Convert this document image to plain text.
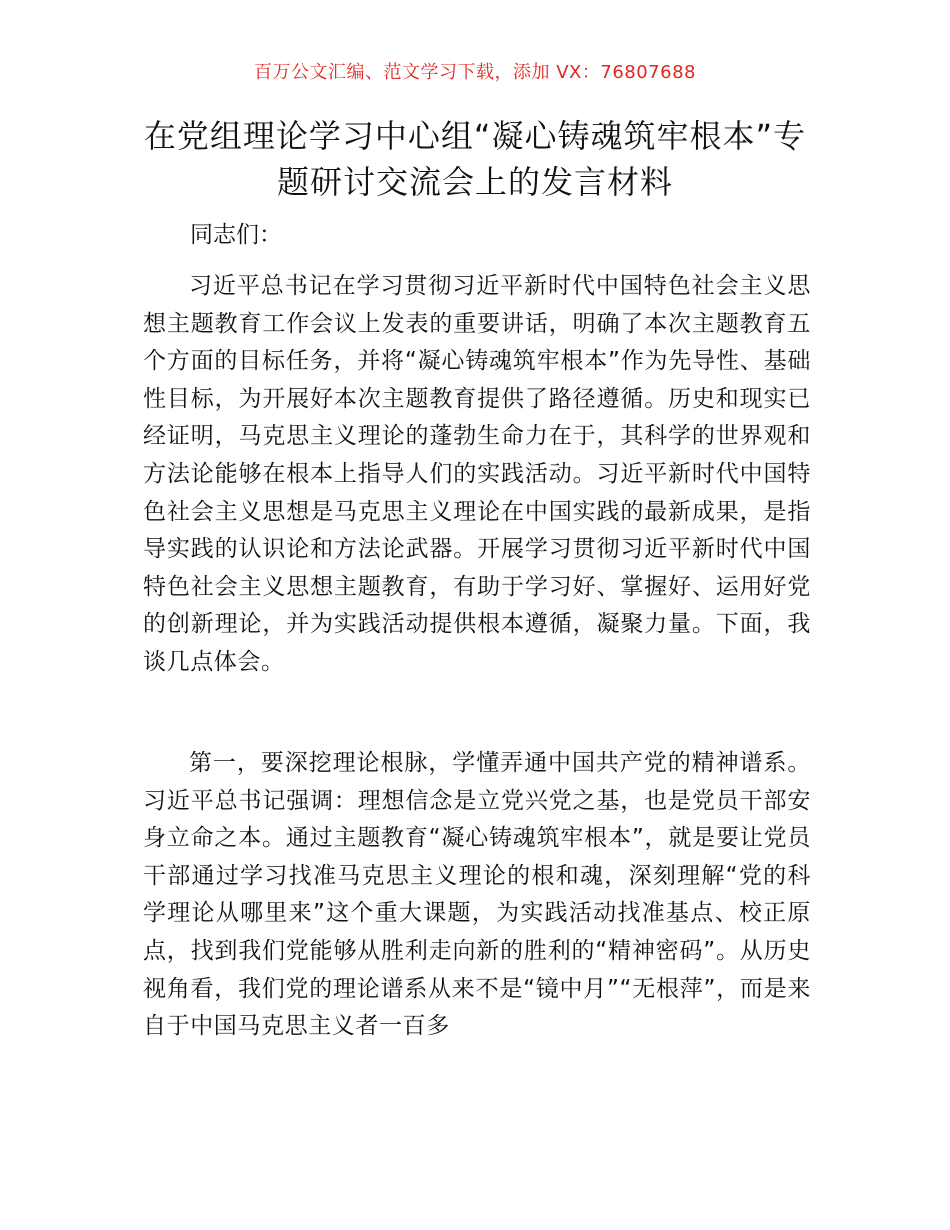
百万公文汇编、范文学习下载，添加 VX：76807688
在党组理论学习中心组“凝心铸魂筑牢根本”专题研讨交流会上的发言材料
同志们：

习近平总书记在学习贯彻习近平新时代中国特色社会主义思想主题教育工作会议上发表的重要讲话，明确了本次主题教育五个方面的目标任务，并将“凝心铸魂筑牢根本”作为先导性、基础性目标，为开展好本次主题教育提供了路径遵循。历史和现实已经证明，马克思主义理论的蓬勃生命力在于，其科学的世界观和方法论能够在根本上指导人们的实践活动。习近平新时代中国特色社会主义思想是马克思主义理论在中国实践的最新成果，是指导实践的认识论和方法论武器。开展学习贯彻习近平新时代中国特色社会主义思想主题教育，有助于学习好、掌握好、运用好党的创新理论，并为实践活动提供根本遵循，凝聚力量。下面，我谈几点体会。

第一，要深挖理论根脉，学懂弄通中国共产党的精神谱系。习近平总书记强调：理想信念是立党兴党之基，也是党员干部安身立命之本。通过主题教育“凝心铸魂筑牢根本”，就是要让党员干部通过学习找准马克思主义理论的根和魂，深刻理解“党的科学理论从哪里来”这个重大课题，为实践活动找准基点、校正原点，找到我们党能够从胜利走向新的胜利的“精神密码”。从历史视角看，我们党的理论谱系从来不是“镜中月”“无根萍”，而是来自于中国马克思主义者一百多
